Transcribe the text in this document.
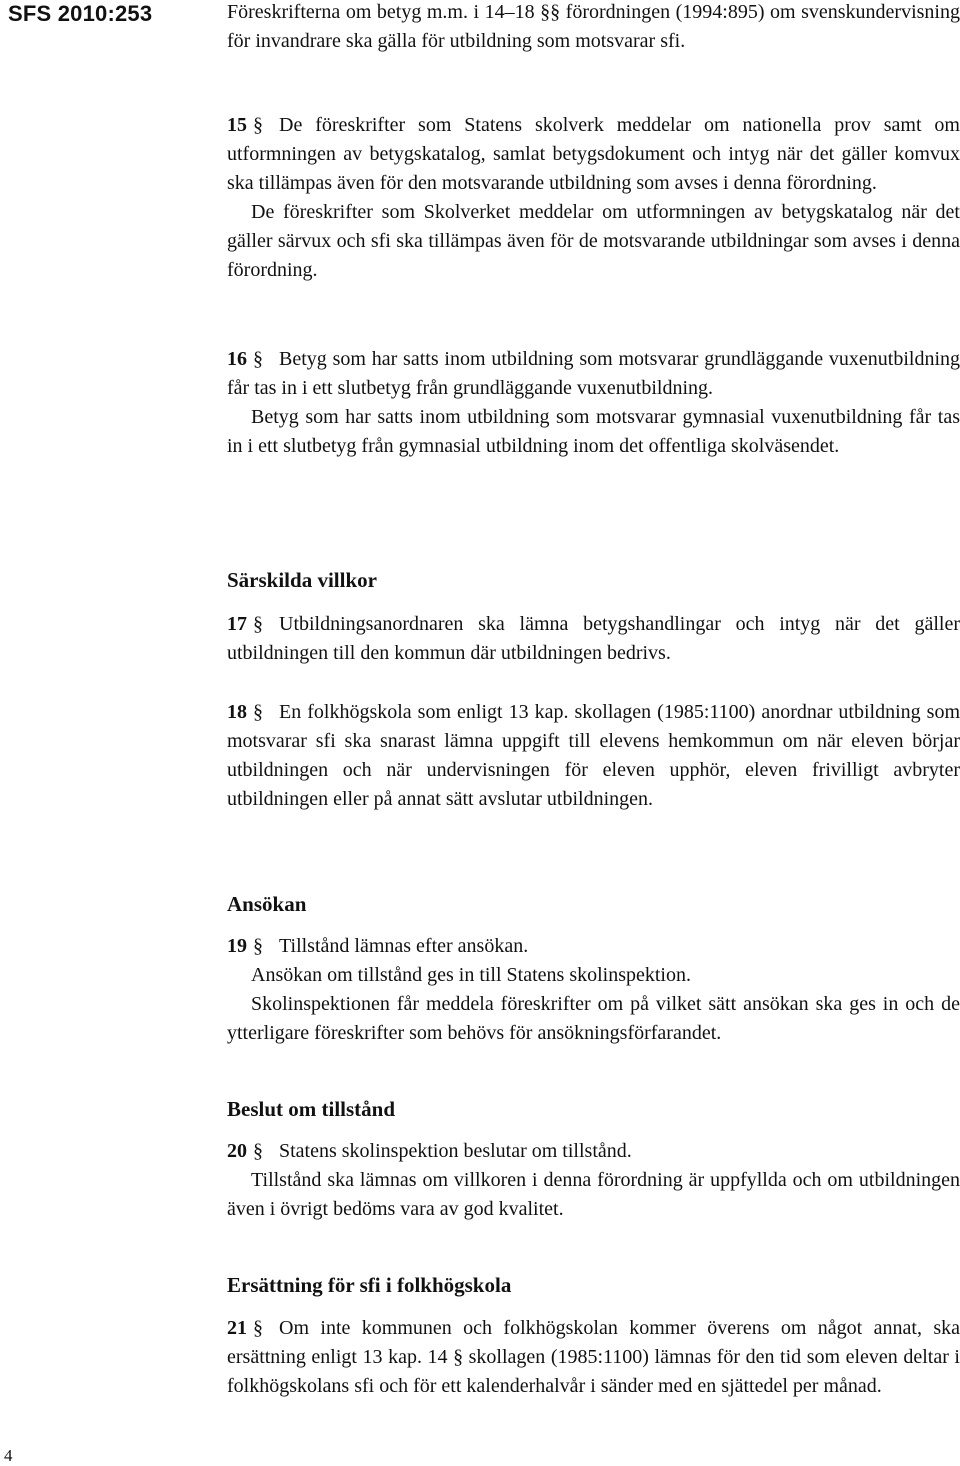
SFS 2010:253	Föreskrifterna om betyg m.m. i 14–18 §§ förordningen (1994:895) om svenskundervisning för invandrare ska gälla för utbildning som motsvarar sfi.

15 § De föreskrifter som Statens skolverk meddelar om nationella prov samt om utformningen av betygskatalog, samlat betygsdokument och intyg när det gäller komvux ska tillämpas även för den motsvarande utbildning som avses i denna förordning.

De föreskrifter som Skolverket meddelar om utformningen av betygskatalog när det gäller särvux och sfi ska tillämpas även för de motsvarande utbildningar som avses i denna förordning.

16 § Betyg som har satts inom utbildning som motsvarar grundläggande vuxenutbildning får tas in i ett slutbetyg från grundläggande vuxenutbildning.

Betyg som har satts inom utbildning som motsvarar gymnasial vuxenutbildning får tas in i ett slutbetyg från gymnasial utbildning inom det offentliga skolväsendet.

Särskilda villkor

17 § Utbildningsanordnaren ska lämna betygshandlingar och intyg när det gäller utbildningen till den kommun där utbildningen bedrivs.

18 § En folkhögskola som enligt 13 kap. skollagen (1985:1100) anordnar utbildning som motsvarar sfi ska snarast lämna uppgift till elevens hemkommun om när eleven börjar utbildningen och när undervisningen för eleven upphör, eleven frivilligt avbryter utbildningen eller på annat sätt avslutar utbildningen.

Ansökan

19 § Tillstånd lämnas efter ansökan.

Ansökan om tillstånd ges in till Statens skolinspektion.

Skolinspektionen får meddela föreskrifter om på vilket sätt ansökan ska ges in och de ytterligare föreskrifter som behövs för ansökningsförfarandet.

Beslut om tillstånd

20 § Statens skolinspektion beslutar om tillstånd.

Tillstånd ska lämnas om villkoren i denna förordning är uppfyllda och om utbildningen även i övrigt bedöms vara av god kvalitet.

Ersättning för sfi i folkhögskola

21 § Om inte kommunen och folkhögskolan kommer överens om något annat, ska ersättning enligt 13 kap. 14 § skollagen (1985:1100) lämnas för den tid som eleven deltar i folkhögskolans sfi och för ett kalenderhalvår i sänder med en sjättedel per månad.

4
